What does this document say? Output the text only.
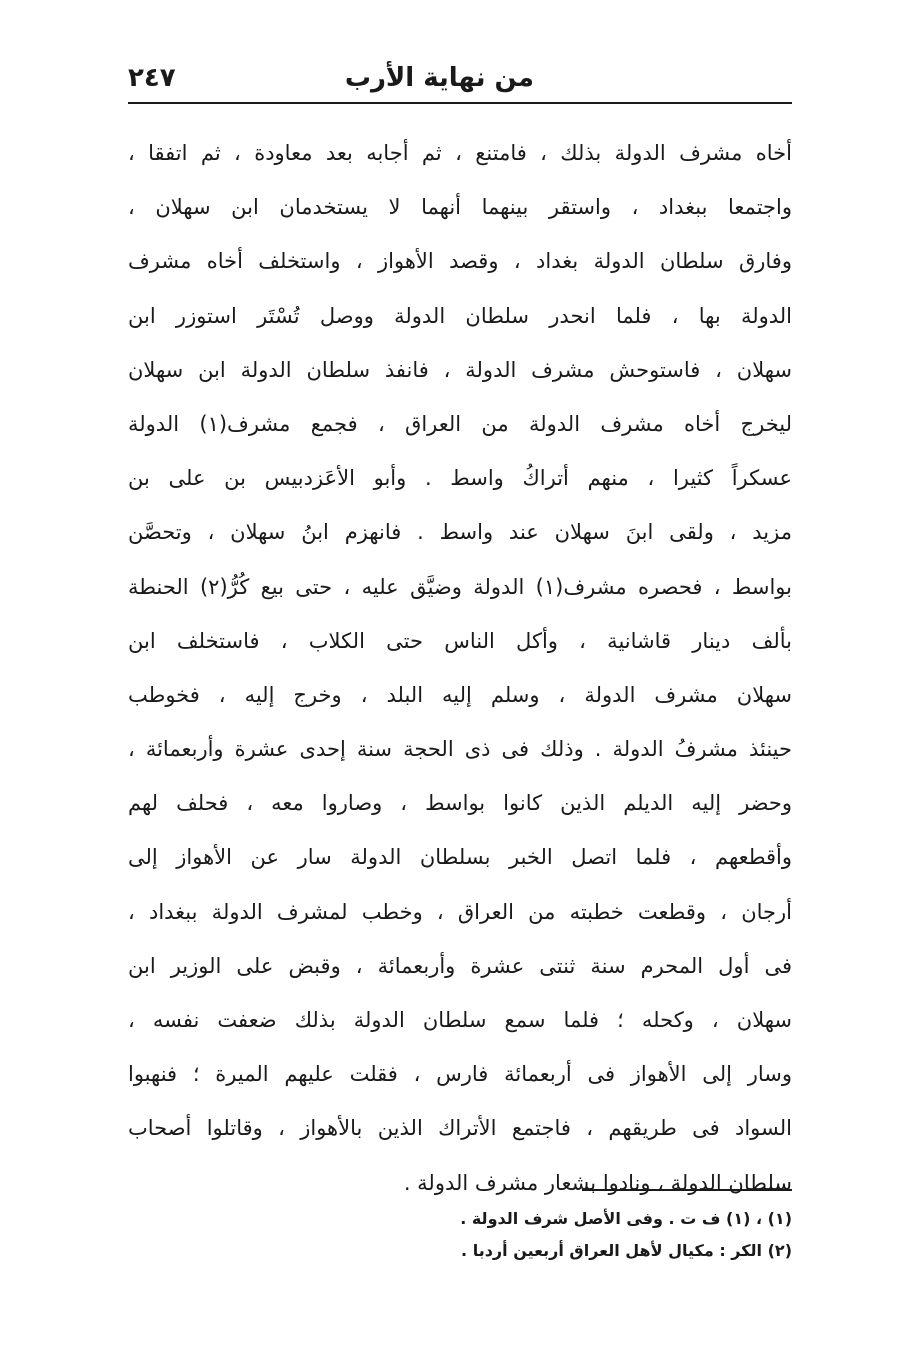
من نهاية الأرب
٢٤٧
أخاه مشرف الدولة بذلك ، فامتنع ، ثم أجابه بعد معاودة ، ثم اتفقا ،
واجتمعا ببغداد ، واستقر بينهما أنهما لا يستخدمان ابن سهلان ،
وفارق سلطان الدولة بغداد ، وقصد الأهواز ، واستخلف أخاه مشرف
الدولة بها ، فلما انحدر سلطان الدولة ووصل تُسْتَر استوزر ابن
سهلان ، فاستوحش مشرف الدولة ، فانفذ سلطان الدولة ابن سهلان
ليخرج أخاه مشرف الدولة من العراق ، فجمع مشرف(١) الدولة
عسكراً كثيرا ، منهم أتراكُ واسط . وأبو الأعَزدبيس بن على بن
مزيد ، ولقى ابنَ سهلان عند واسط . فانهزم ابنُ سهلان ، وتحصَّن
بواسط ، فحصره مشرف(١) الدولة وضيَّق عليه ، حتى بيع كُرُّ(٢) الحنطة
بألف دينار قاشانية ، وأكل الناس حتى الكلاب ، فاستخلف ابن
سهلان مشرف الدولة ، وسلم إليه البلد ، وخرج إليه ، فخوطب
حينئذ مشرفُ الدولة . وذلك فى ذى الحجة سنة إحدى عشرة وأربعمائة ،
وحضر إليه الديلم الذين كانوا بواسط ، وصاروا معه ، فحلف لهم
وأقطعهم ، فلما اتصل الخبر بسلطان الدولة سار عن الأهواز إلى
أرجان ، وقطعت خطبته من العراق ، وخطب لمشرف الدولة ببغداد ،
فى أول المحرم سنة ثنتى عشرة وأربعمائة ، وقبض على الوزير ابن
سهلان ، وكحله ؛ فلما سمع سلطان الدولة بذلك ضعفت نفسه ،
وسار إلى الأهواز فى أربعمائة فارس ، فقلت عليهم الميرة ؛ فنهبوا
السواد فى طريقهم ، فاجتمع الأتراك الذين بالأهواز ، وقاتلوا أصحاب
سلطان الدولة ، ونادوا بشعار مشرف الدولة .
(١) ، (١) ف ت . وفى الأصل شرف الدولة .
(٢) الكر : مكيال لأهل العراق أربعين أردبا .
